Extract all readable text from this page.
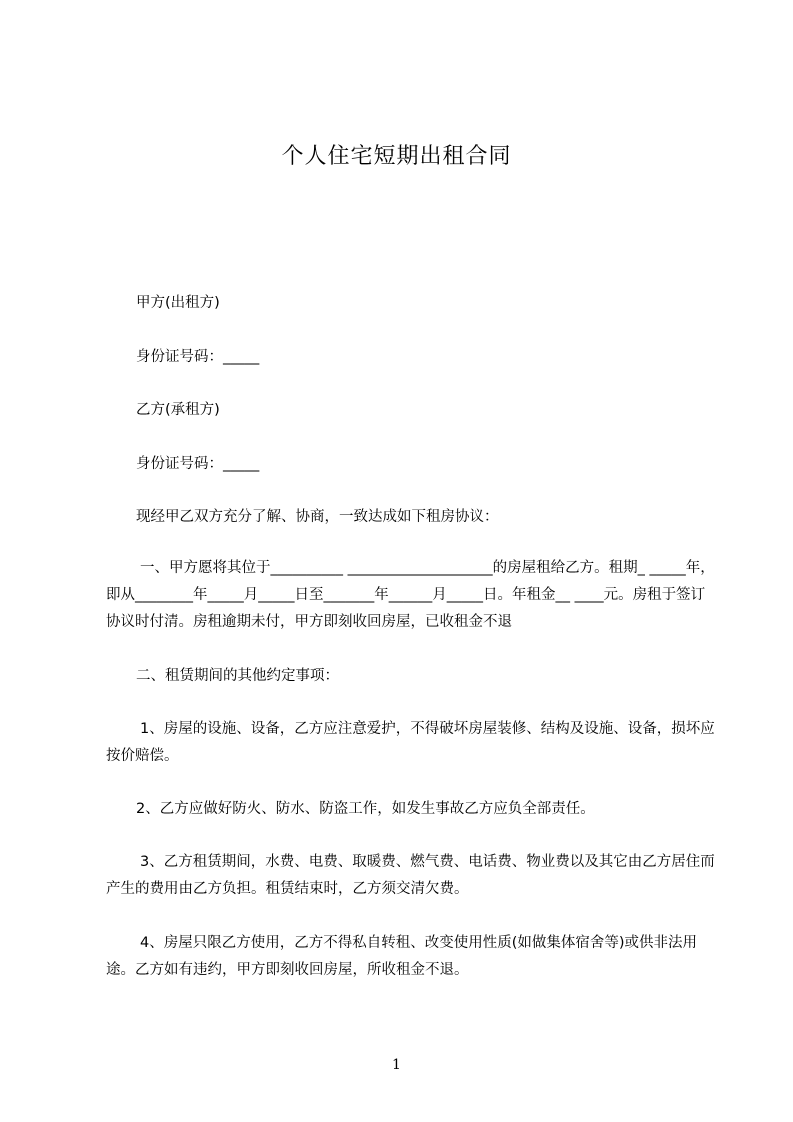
个人住宅短期出租合同
甲方(出租方)
身份证号码：_____
乙方(承租方)
身份证号码：_____
现经甲乙双方充分了解、协商，一致达成如下租房协议：
一、甲方愿将其位于__________ ____________________的房屋租给乙方。租期_ _____年，即从________年_____月_____日至_______年______月_____日。年租金__ ____元。房租于签订协议时付清。房租逾期未付，甲方即刻收回房屋，已收租金不退
二、租赁期间的其他约定事项：
1、房屋的设施、设备，乙方应注意爱护，不得破坏房屋装修、结构及设施、设备，损坏应按价赔偿。
2、乙方应做好防火、防水、防盗工作，如发生事故乙方应负全部责任。
3、乙方租赁期间，水费、电费、取暖费、燃气费、电话费、物业费以及其它由乙方居住而产生的费用由乙方负担。租赁结束时，乙方须交清欠费。
4、房屋只限乙方使用，乙方不得私自转租、改变使用性质(如做集体宿舍等)或供非法用途。乙方如有违约，甲方即刻收回房屋，所收租金不退。
1
